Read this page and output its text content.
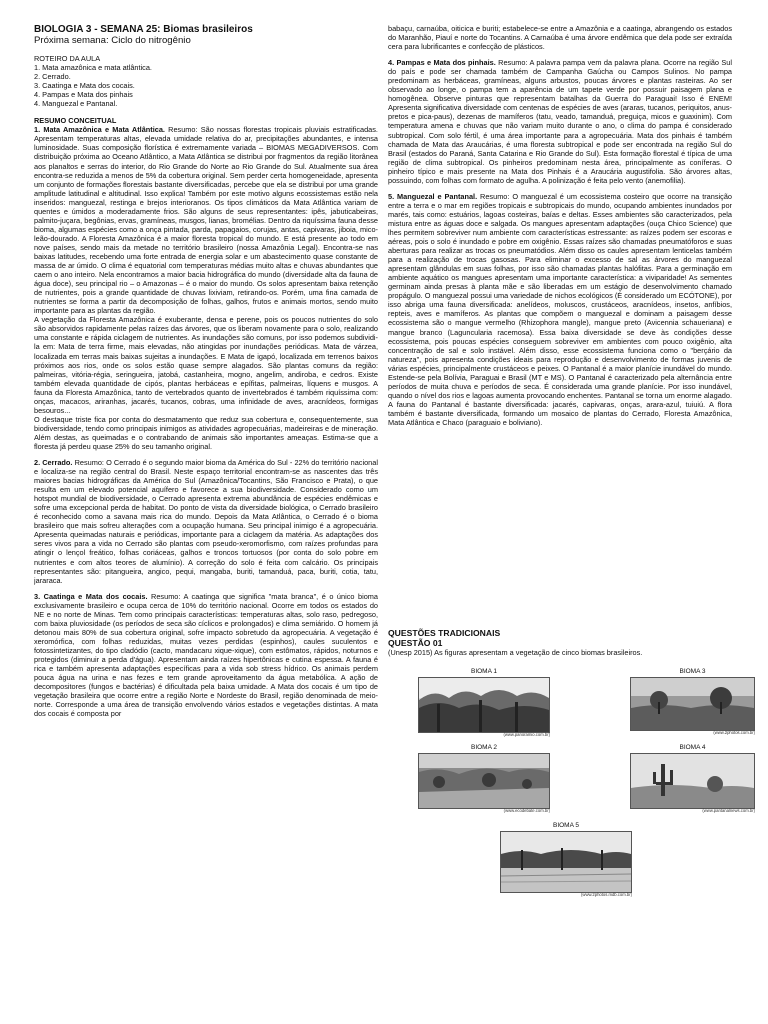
BIOLOGIA 3 - SEMANA 25: Biomas brasileiros
Próxima semana: Ciclo do nitrogênio
ROTEIRO DA AULA
1. Mata amazônica e mata atlântica.
2. Cerrado.
3. Caatinga e Mata dos cocais.
4. Pampas e Mata dos pinhais
4. Manguezal e Pantanal.
RESUMO CONCEITUAL

1. Mata Amazônica e Mata Atlântica. Resumo: São nossas florestas tropicais pluviais estratificadas. Apresentam temperaturas altas, elevada umidade relativa do ar, precipitações abundantes, e intensa luminosidade. Suas composição florística é extremamente variada – BIOMAS MEGADIVERSOS. Com distribuição próxima ao Oceano Atlântico, a Mata Atlântica se distribui por fragmentos da região litorânea aos planaltos e serras do interior, do Rio Grande do Norte ao Rio Grande do Sul. Atualmente sua área encontra-se reduzida a menos de 5% da cobertura original. Sem perder certa homogeneidade, apresenta um conjunto de formações florestais bastante diversificadas, percebe que ela se distribui por uma grande amplitude latitudinal e altitudinal. Isso explica! Também por este motivo alguns ecossistemas estão nela inseridos: manguezal, restinga e brejos interioranos. Os tipos climáticos da Mata Atlântica variam de quentes e úmidos a moderadamente frios. São alguns de seus representantes: ipês, jabuticabeiras, palmito-juçara, begônias, ervas, gramíneas, musgos, lianas, bromélias. Dentro da riquíssima fauna desse bioma, algumas espécies como a onça pintada, parda, papagaios, corujas, antas, capivaras, jiboia, mico-leão-dourado. A Floresta Amazônica é a maior floresta tropical do mundo. E está presente ao todo em nove países, sendo mais da metade no território brasileiro (nossa Amazônia Legal). Encontra-se nas baixas latitudes, recebendo uma forte entrada de energia solar e um abastecimento quase constante de massa de ar úmido. O clima é equatorial com temperaturas médias muito altas e chuvas abundantes que caem o ano inteiro. Nela encontramos a maior bacia hidrográfica do mundo (diversidade alta da fauna de água doce), seu principal rio – o Amazonas – é o maior do mundo. Os solos apresentam baixa retenção de nutrientes, pois a grande quantidade de chuvas lixiviam, retirando-os. Porém, uma fina camada de nutrientes se forma a partir da decomposição de folhas, galhos, frutos e animais mortos, sendo muito importante para as plantas da região.

A vegetação da Floresta Amazônica é exuberante, densa e perene, pois os poucos nutrientes do solo são absorvidos rapidamente pelas raízes das árvores, que os liberam novamente para o solo, realizando uma constante e rápida ciclagem de nutrientes. As inundações são comuns, por isso podemos subdividi-la em: Mata de terra firme, mais elevadas, não atingidas por inundações periódicas. Mata de várzea, localizada em terras mais baixas sujeitas a inundações. E Mata de igapó, localizada em terrenos baixos próximos aos rios, onde os solos estão quase sempre alagados. São plantas comuns da região: palmeiras, vitória-régia, seringueira, jatobá, castanheira, mogno, angelim, andiroba, e cedros. Existe também elevada quantidade de cipós, plantas herbáceas e epífitas, palmeiras, líquens e musgos. A fauna da Floresta Amazônica, tanto de vertebrados quanto de invertebrados é também riquíssima com: onças, macacos, ariranhas, jacarés, tucanos, cobras, uma infinidade de aves, aracnídeos, formigas besouros...

O destaque triste fica por conta do desmatamento que reduz sua cobertura e, consequentemente, sua biodiversidade, tendo como principais inimigos as atividades agropecuárias, madeireiras e de mineração. Além destas, as queimadas e o contrabando de animais são importantes ameaças. Estima-se que a floresta já perdeu quase 25% do seu tamanho original.

2. Cerrado. Resumo: O Cerrado é o segundo maior bioma da América do Sul - 22% do território nacional e localiza-se na região central do Brasil. Neste espaço territorial encontram-se as nascentes das três maiores bacias hidrográficas da América do Sul (Amazônica/Tocantins, São Francisco e Prata), o que resulta em um elevado potencial aquífero e favorece a sua biodiversidade. Considerado como um hotspot mundial de biodiversidade, o Cerrado apresenta extrema abundância de espécies endêmicas e sofre uma excepcional perda de habitat. Do ponto de vista da diversidade biológica, o Cerrado brasileiro é reconhecido como a savana mais rica do mundo. Depois da Mata Atlântica, o Cerrado é o bioma brasileiro que mais sofreu alterações com a ocupação humana. Seu principal inimigo é a agropecuária. Apresenta queimadas naturais e periódicas, importante para a ciclagem da matéria. As adaptações dos seres vivos para a vida no Cerrado são plantas com pseudo-xeromorfismo, com raízes profundas para atingir o lençol freático, folhas coriáceas, galhos e troncos tortuosos (por conta do solo pobre em nutrientes e com altos teores de alumínio). A correção do solo é feita com calcário. Os principais representantes são: pitangueira, angico, pequi, mangaba, buriti, tamanduá, paca, buriti, cotia, tatu, jararaca.

3. Caatinga e Mata dos cocais. Resumo: A caatinga que significa "mata branca", é o único bioma exclusivamente brasileiro e ocupa cerca de 10% do território nacional. Ocorre em todos os estados do NE e no norte de Minas. Tem como principais características: temperaturas altas, solo raso, pedregoso, com baixa pluviosidade (os períodos de seca são cíclicos e prolongados) e clima semiárido. O homem já detonou mais 80% de sua cobertura original, sofre impacto sobretudo da agropecuária. A vegetação é xeromórfica, com folhas reduzidas, muitas vezes perdidas (espinhos), caules suculentos e fotossintetizantes, do tipo cladódio (cacto, mandacaru xique-xique), com estômatos, rápidos, noturnos e protegidos (diminuir a perda d'água). Apresentam ainda raízes hipertônicas e cutina espessa. A fauna é rica e também apresenta adaptações específicas para a vida sob stress hídrico. Os animais perdem pouca água na urina e nas fezes e tem grande aproveitamento da água metabólica. A ação de decompositores (fungos e bactérias) é dificultada pela baixa umidade. A Mata dos cocais é um tipo de vegetação brasileira que ocorre entre a região Norte e Nordeste do Brasil, região denominada de meio-norte. Corresponde a uma área de transição envolvendo vários estados e vegetações distintas. A mata dos cocais é composta por

babaçu, carnaúba, oiticica e buriti; estabelece-se entre a Amazônia e a caatinga, abrangendo os estados do Maranhão, Piauí e norte do Tocantins. A Carnaúba é uma árvore endêmica que dela pode ser extraída cera para lubrificantes e confecção de plásticos.

4. Pampas e Mata dos pinhais. Resumo: A palavra pampa vem da palavra plana. Ocorre na região Sul do país e pode ser chamada também de Campanha Gaúcha ou Campos Sulinos. No pampa predominam as herbáceas, gramíneas, alguns arbustos, poucas árvores e plantas rasteiras. Ao ser observado ao longe, o pampa tem a aparência de um tapete verde por possuir paisagem plana e homogênea. Observe pinturas que representam batalhas da Guerra do Paraguai! Isso é ENEM! Apresenta significativa diversidade com centenas de espécies de aves (araras, tucanos, periquitos, anus-pretos e pica-paus), dezenas de mamíferos (tatu, veado, tamanduá, preguiça, micos e guaxinim). Com temperatura amena e chuvas que não variam muito durante o ano, o clima do pampa é considerado subtropical. Com solo fértil, é uma área importante para a agropecuária. Mata dos pinhais é também chamada de Mata das Araucárias, é uma floresta subtropical e pode ser encontrada na região Sul do Brasil (estados do Paraná, Santa Catarina e Rio Grande do Sul). Esta formação florestal é típica de uma região de clima subtropical. Os pinheiros predominam nesta área, principalmente as coníferas. O pinheiro típico e mais presente na Mata dos Pinhais é a Araucária augustifolia. São árvores altas, possuindo, com folhas com formato de agulha. A polinização é feita pelo vento (anemofilia).

5. Manguezal e Pantanal. Resumo: O manguezal é um ecossistema costeiro que ocorre na transição entre a terra e o mar em regiões tropicais e subtropicais do mundo, ocupando ambientes inundados por marés, tais como: estuários, lagoas costeiras, baías e deltas. Esses ambientes são caracterizados, pela mistura entre as águas doce e salgada. Os mangues apresentam adaptações (ouça Chico Science) que lhes permitem sobreviver num ambiente com características estressante: as raízes podem ser escoras e aéreas, pois o solo é inundado e pobre em oxigênio. Essas raízes são chamadas pneumatóforos e suas aberturas para realizar as trocas os pneumatódios. Além disso os caules apresentam lenticelas também para a realização de trocas gasosas. Para eliminar o excesso de sal as árvores do manguezal apresentam glândulas em suas folhas, por isso são chamadas plantas halófitas. Para a germinação em ambiente aquático os mangues apresentam uma importante característica: a viviparidade! As sementes germinam ainda presas à planta mãe e são liberadas em um estágio de desenvolvimento chamado propágulo. O manguezal possui uma variedade de nichos ecológicos (É considerado um ECÓTONE), por isso abriga uma fauna diversificada: anelídeos, moluscos, crustáceos, aracnídeos, insetos, anfíbios, repteis, aves e mamíferos. As plantas que compõem o manguezal e dominam a paisagem desse ecossistema são o mangue vermelho (Rhizophora mangle), mangue preto (Avicennia schaueriana) e mangue branco (Laguncularia racemosa). Essa baixa diversidade se deve às condições desse ecossistema, pois poucas espécies conseguem sobreviver em ambientes com pouco oxigênio, alta concentração de sal e solo instável. Além disso, esse ecossistema funciona como o "berçário da natureza", pois apresenta condições ideais para reprodução e desenvolvimento de formas juvenis de várias espécies, principalmente crustáceos e peixes. O Pantanal é a maior planície inundável do mundo. Estende-se pela Bolívia, Paraguai e Brasil (MT e MS). O Pantanal é caracterizado pela alternância entre períodos de muita chuva e períodos de seca. É considerada uma grande planície. Por isso inundável, quando o nível dos rios e lagoas aumenta provocando enchentes. Pantanal se torna um enorme alagado. A fauna do Pantanal é bastante diversificada: jacarés, capivaras, onças, arara-azul, tuiuiú. A flora também é bastante diversificada, formando um mosaico de plantas do Cerrado, Floresta Amazônica, Mata Atlântica e Chaco (paraguaio e boliviano).

QUESTÕES TRADICIONAIS
QUESTÃO 01
(Unesp 2015) As figuras apresentam a vegetação de cinco biomas brasileiros.
BIOMA 1
(www.panoramio.com.br)
BIOMA 3
(www.2photos.com.br)
BIOMA 2
(www.ecodebate.com.br)
BIOMA 4
(www.pantanalnews.com.br)
BIOMA 5
(www.2photos.mdb.com.br)
